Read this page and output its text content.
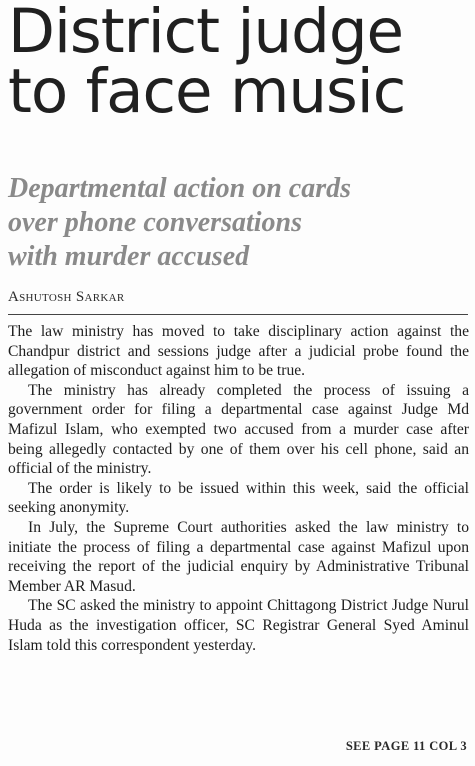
District judge
to face music
Departmental action on cards
over phone conversations
with murder accused
Ashutosh Sarkar

The law ministry has moved to take disciplinary action against the Chandpur district and sessions judge after a judicial probe found the allegation of misconduct against him to be true.

The ministry has already completed the process of issuing a government order for filing a departmental case against Judge Md Mafizul Islam, who exempted two accused from a murder case after being allegedly contacted by one of them over his cell phone, said an official of the ministry.

The order is likely to be issued within this week, said the official seeking anonymity.

In July, the Supreme Court authorities asked the law ministry to initiate the process of filing a departmental case against Mafizul upon receiving the report of the judicial enquiry by Administrative Tribunal Member AR Masud.

The SC asked the ministry to appoint Chittagong District Judge Nurul Huda as the investigation officer, SC Registrar General Syed Aminul Islam told this correspondent yesterday.

SEE PAGE 11 COL 3
